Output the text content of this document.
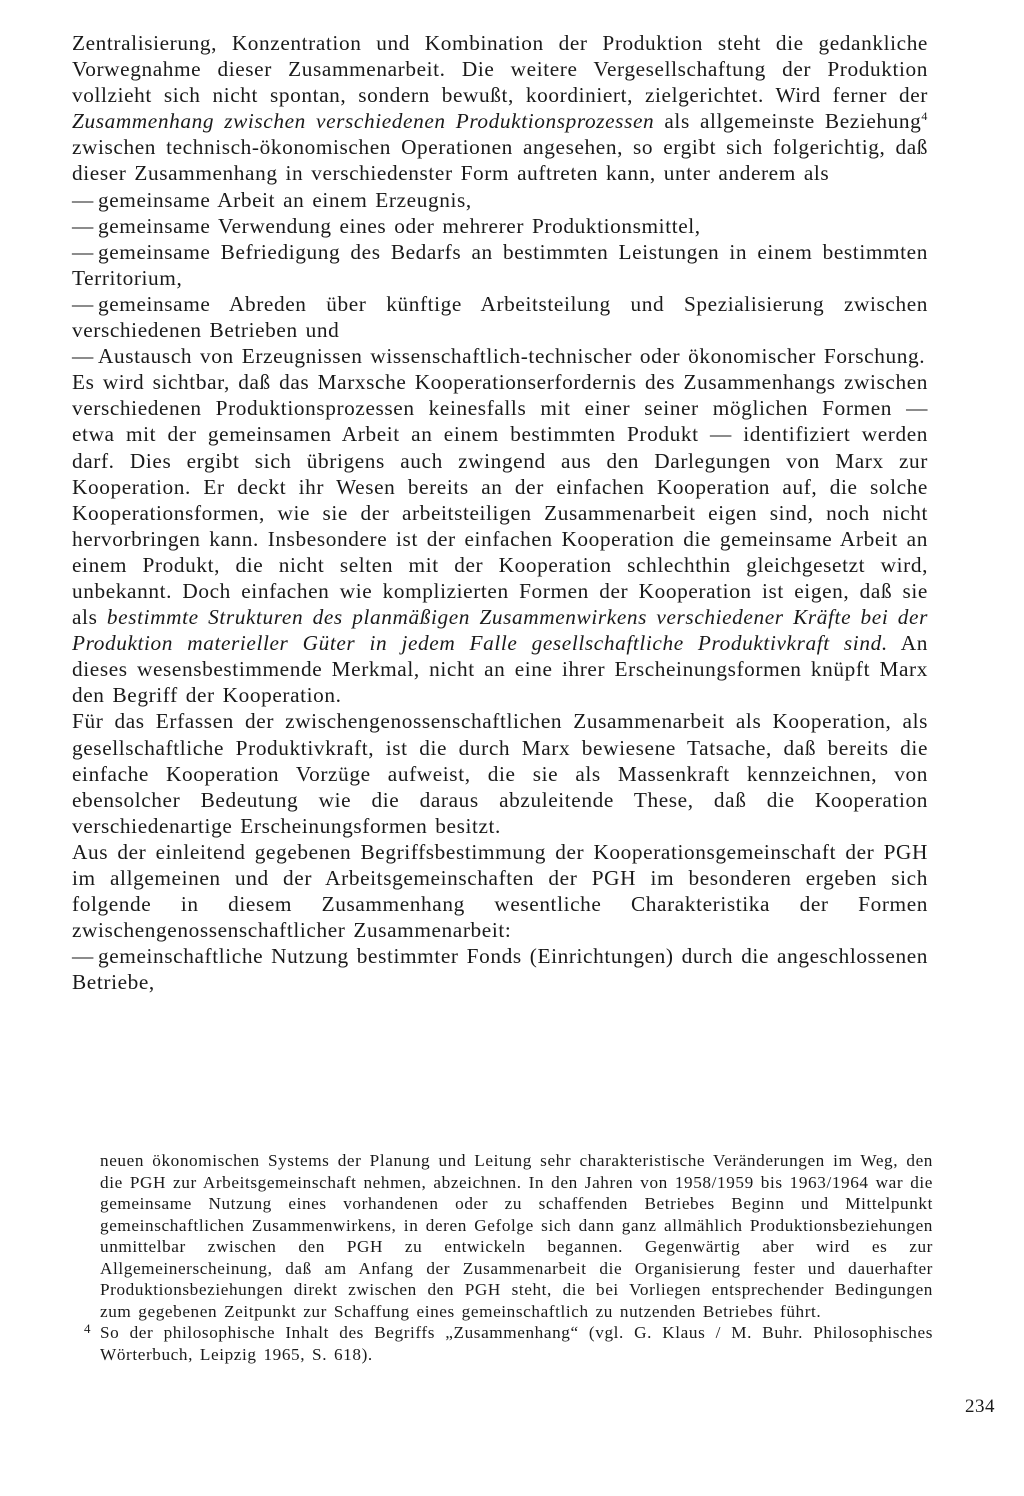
Zentralisierung, Konzentration und Kombination der Produktion steht die gedankliche Vorwegnahme dieser Zusammenarbeit. Die weitere Vergesellschaftung der Produktion vollzieht sich nicht spontan, sondern bewußt, koordiniert, zielgerichtet. Wird ferner der Zusammenhang zwischen verschiedenen Produktionsprozessen als allgemeinste Beziehung$^4$ zwischen technisch-ökonomischen Operationen angesehen, so ergibt sich folgerichtig, daß dieser Zusammenhang in verschiedenster Form auftreten kann, unter anderem als

— gemeinsame Arbeit an einem Erzeugnis,
— gemeinsame Verwendung eines oder mehrerer Produktionsmittel,
— gemeinsame Befriedigung des Bedarfs an bestimmten Leistungen in einem bestimmten Territorium,
— gemeinsame Abreden über künftige Arbeitsteilung und Spezialisierung zwischen verschiedenen Betrieben und
— Austausch von Erzeugnissen wissenschaftlich-technischer oder ökonomischer Forschung.

Es wird sichtbar, daß das Marxsche Kooperationserfordernis des Zusammenhangs zwischen verschiedenen Produktionsprozessen keinesfalls mit einer seiner möglichen Formen — etwa mit der gemeinsamen Arbeit an einem bestimmten Produkt — identifiziert werden darf. Dies ergibt sich übrigens auch zwingend aus den Darlegungen von Marx zur Kooperation. Er deckt ihr Wesen bereits an der einfachen Kooperation auf, die solche Kooperationsformen, wie sie der arbeitsteiligen Zusammenarbeit eigen sind, noch nicht hervorbringen kann. Insbesondere ist der einfachen Kooperation die gemeinsame Arbeit an einem Produkt, die nicht selten mit der Kooperation schlechthin gleichgesetzt wird, unbekannt. Doch einfachen wie komplizierten Formen der Kooperation ist eigen, daß sie als bestimmte Strukturen des planmäßigen Zusammenwirkens verschiedener Kräfte bei der Produktion materieller Güter in jedem Falle gesellschaftliche Produktivkraft sind. An dieses wesensbestimmende Merkmal, nicht an eine ihrer Erscheinungsformen knüpft Marx den Begriff der Kooperation.

Für das Erfassen der zwischengenossenschaftlichen Zusammenarbeit als Kooperation, als gesellschaftliche Produktivkraft, ist die durch Marx bewiesene Tatsache, daß bereits die einfache Kooperation Vorzüge aufweist, die sie als Massenkraft kennzeichnen, von ebensolcher Bedeutung wie die daraus abzuleitende These, daß die Kooperation verschiedenartige Erscheinungsformen besitzt.

Aus der einleitend gegebenen Begriffsbestimmung der Kooperationsgemeinschaft der PGH im allgemeinen und der Arbeitsgemeinschaften der PGH im besonderen ergeben sich folgende in diesem Zusammenhang wesentliche Charakteristika der Formen zwischengenossenschaftlicher Zusammenarbeit:

— gemeinschaftliche Nutzung bestimmter Fonds (Einrichtungen) durch die angeschlossenen Betriebe,

neuen ökonomischen Systems der Planung und Leitung sehr charakteristische Veränderungen im Weg, den die PGH zur Arbeitsgemeinschaft nehmen, abzeichnen. In den Jahren von 1958/1959 bis 1963/1964 war die gemeinsame Nutzung eines vorhandenen oder zu schaffenden Betriebes Beginn und Mittelpunkt gemeinschaftlichen Zusammenwirkens, in deren Gefolge sich dann ganz allmählich Produktionsbeziehungen unmittelbar zwischen den PGH zu entwickeln begannen. Gegenwärtig aber wird es zur Allgemeinerscheinung, daß am Anfang der Zusammenarbeit die Organisierung fester und dauerhafter Produktionsbeziehungen direkt zwischen den PGH steht, die bei Vorliegen entsprechender Bedingungen zum gegebenen Zeitpunkt zur Schaffung eines gemeinschaftlich zu nutzenden Betriebes führt.

4 So der philosophische Inhalt des Begriffs „Zusammenhang“ (vgl. G. Klaus / M. Buhr. Philosophisches Wörterbuch, Leipzig 1965, S. 618).

234
